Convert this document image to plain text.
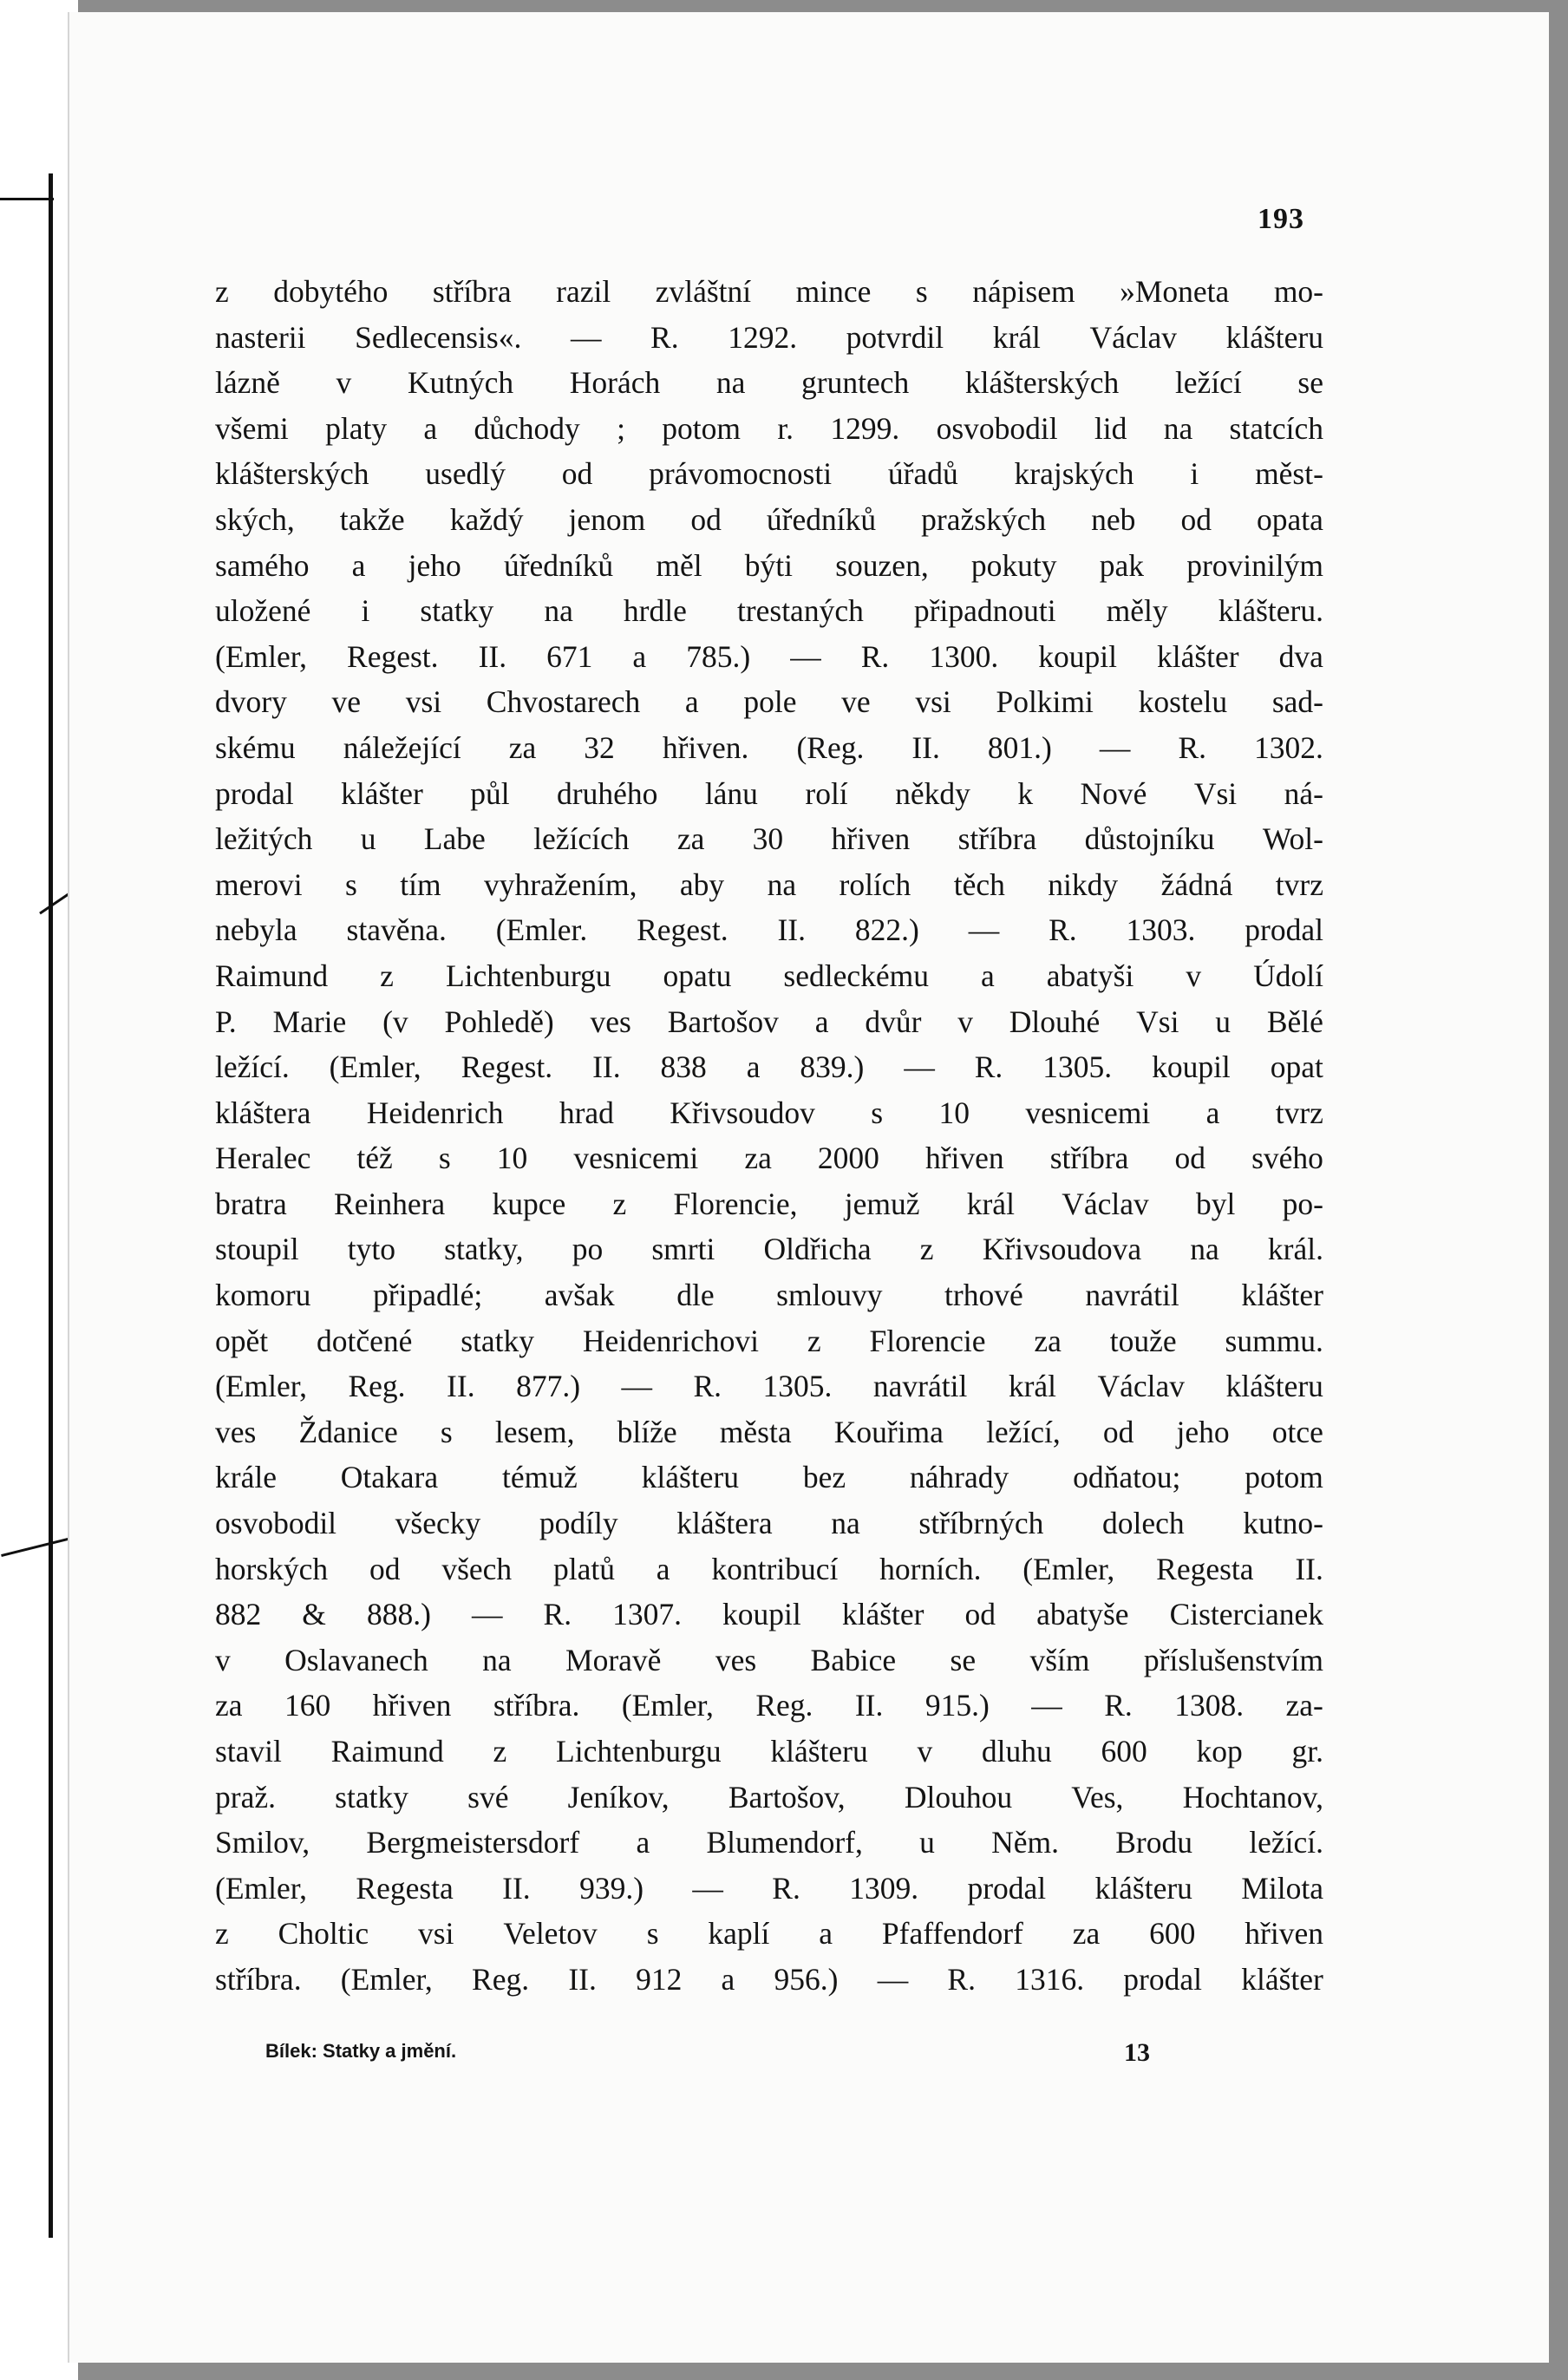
193
z dobytého stříbra razil zvláštní mince s nápisem »Moneta mo-
nasterii Sedlecensis«. — R. 1292. potvrdil král Václav klášteru
lázně v Kutných Horách na gruntech klášterských ležící se
všemi platy a důchody ; potom r. 1299. osvobodil lid na statcích
klášterských usedlý od právomocnosti úřadů krajských i měst-
ských, takže každý jenom od úředníků pražských neb od opata
samého a jeho úředníků měl býti souzen, pokuty pak provinilým
uložené i statky na hrdle trestaných připadnouti měly klášteru.
(Emler, Regest. II. 671 a 785.) — R. 1300. koupil klášter dva
dvory ve vsi Chvostarech a pole ve vsi Polkimi kostelu sad-
skému náležející za 32 hřiven. (Reg. II. 801.) — R. 1302.
prodal klášter půl druhého lánu rolí někdy k Nové Vsi ná-
ležitých u Labe ležících za 30 hřiven stříbra důstojníku Wol-
merovi s tím vyhražením, aby na rolích těch nikdy žádná tvrz
nebyla stavěna. (Emler. Regest. II. 822.) — R. 1303. prodal
Raimund z Lichtenburgu opatu sedleckému a abatyši v Údolí
P. Marie (v Pohledě) ves Bartošov a dvůr v Dlouhé Vsi u Bělé
ležící. (Emler, Regest. II. 838 a 839.) — R. 1305. koupil opat
kláštera Heidenrich hrad Křivsoudov s 10 vesnicemi a tvrz
Heralec též s 10 vesnicemi za 2000 hřiven stříbra od svého
bratra Reinhera kupce z Florencie, jemuž král Václav byl po-
stoupil tyto statky, po smrti Oldřicha z Křivsoudova na král.
komoru připadlé; avšak dle smlouvy trhové navrátil klášter
opět dotčené statky Heidenrichovi z Florencie za touže summu.
(Emler, Reg. II. 877.) — R. 1305. navrátil král Václav klášteru
ves Ždanice s lesem, blíže města Kouřima ležící, od jeho otce
krále Otakara témuž klášteru bez náhrady odňatou; potom
osvobodil všecky podíly kláštera na stříbrných dolech kutno-
horských od všech platů a kontribucí horních. (Emler, Regesta II.
882 & 888.) — R. 1307. koupil klášter od abatyše Cistercianek
v Oslavanech na Moravě ves Babice se vším příslušenstvím
za 160 hřiven stříbra. (Emler, Reg. II. 915.) — R. 1308. za-
stavil Raimund z Lichtenburgu klášteru v dluhu 600 kop gr.
praž. statky své Jeníkov, Bartošov, Dlouhou Ves, Hochtanov,
Smilov, Bergmeistersdorf a Blumendorf, u Něm. Brodu ležící.
(Emler, Regesta II. 939.) — R. 1309. prodal klášteru Milota
z Choltic vsi Veletov s kaplí a Pfaffendorf za 600 hřiven
stříbra. (Emler, Reg. II. 912 a 956.) — R. 1316. prodal klášter
Bílek: Statky a jmění.	13
